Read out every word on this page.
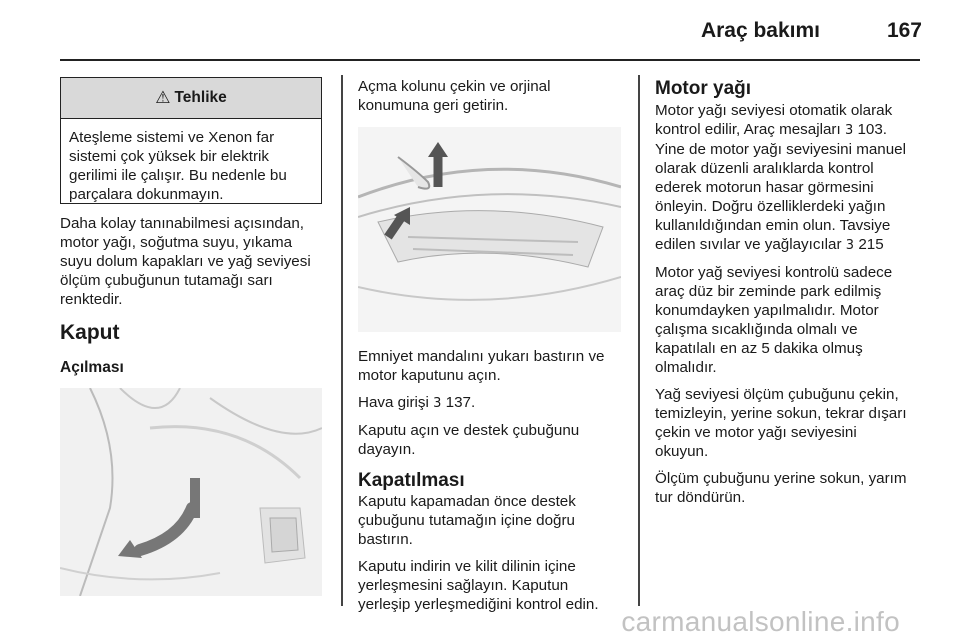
Araç bakımı	167
⚠ Tehlike
Ateşleme sistemi ve Xenon far
sistemi çok yüksek bir elektrik
gerilimi ile çalışır. Bu nedenle bu
parçalara dokunmayın.

Daha kolay tanınabilmesi açısından,
motor yağı, soğutma suyu, yıkama
suyu dolum kapakları ve yağ seviyesi
ölçüm çubuğunun tutamağı sarı
renktedir.

Kaput
Açılması

Açma kolunu çekin ve orjinal
konumuna geri getirin.

Emniyet mandalını yukarı bastırın ve
motor kaputunu açın.

Hava girişi 3 137.

Kaputu açın ve destek çubuğunu
dayayın.

Kapatılması

Kaputu kapamadan önce destek
çubuğunu tutamağın içine doğru
bastırın.

Kaputu indirin ve kilit dilinin içine
yerleşmesini sağlayın. Kaputun
yerleşip yerleşmediğini kontrol edin.

Motor yağı

Motor yağı seviyesi otomatik olarak
kontrol edilir, Araç mesajları 3 103.
Yine de motor yağı seviyesini manuel
olarak düzenli aralıklarda kontrol
ederek motorun hasar görmesini
önleyin. Doğru özelliklerdeki yağın
kullanıldığından emin olun. Tavsiye
edilen sıvılar ve yağlayıcılar 3 215

Motor yağ seviyesi kontrolü sadece
araç düz bir zeminde park edilmiş
konumdayken yapılmalıdır. Motor
çalışma sıcaklığında olmalı ve
kapatılalı en az 5 dakika olmuş
olmalıdır.

Yağ seviyesi ölçüm çubuğunu çekin,
temizleyin, yerine sokun, tekrar dışarı
çekin ve motor yağı seviyesini
okuyun.

Ölçüm çubuğunu yerine sokun, yarım
tur döndürün.

carmanualsonline.info
